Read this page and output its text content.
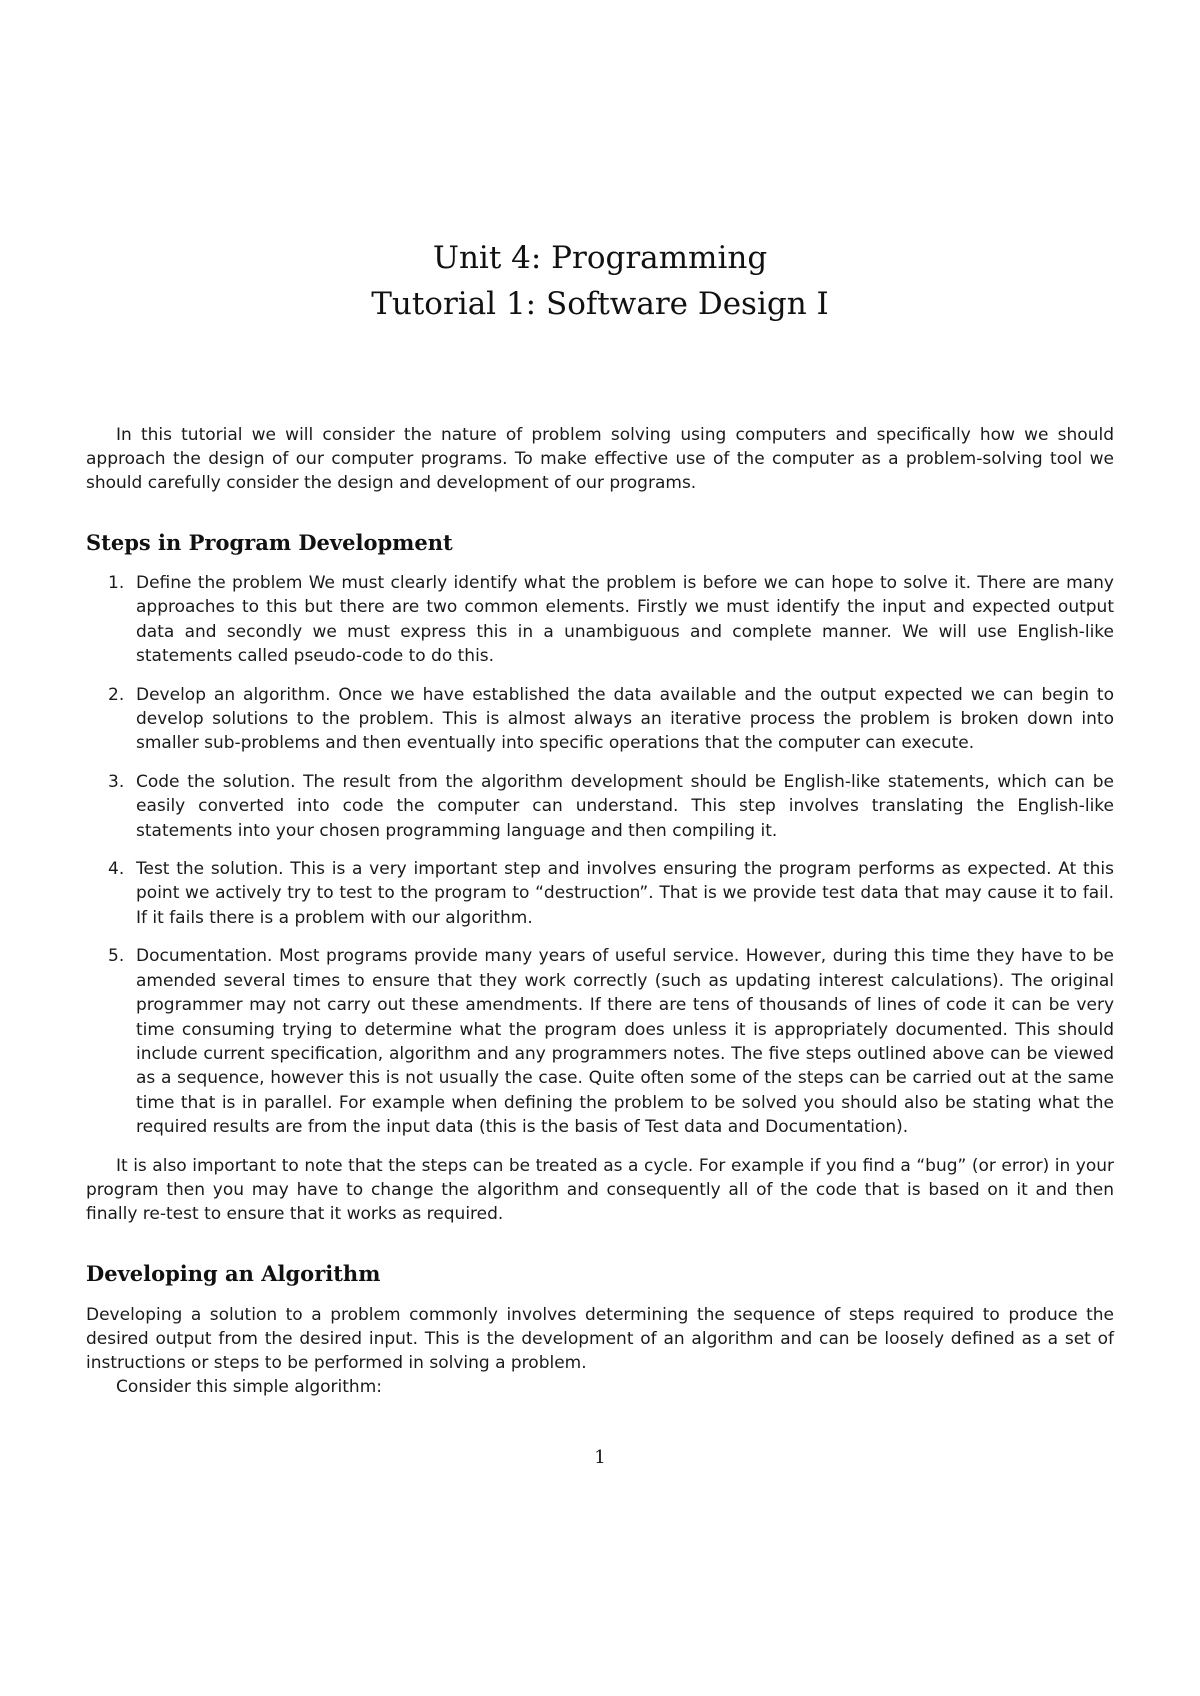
Unit 4: Programming
Tutorial 1: Software Design I

In this tutorial we will consider the nature of problem solving using computers and specifically how we should approach the design of our computer programs. To make effective use of the computer as a problem-solving tool we should carefully consider the design and development of our programs.

Steps in Program Development
1. Define the problem We must clearly identify what the problem is before we can hope to solve it. There are many approaches to this but there are two common elements. Firstly we must identify the input and expected output data and secondly we must express this in a unambiguous and complete manner. We will use English-like statements called pseudo-code to do this.
2. Develop an algorithm. Once we have established the data available and the output expected we can begin to develop solutions to the problem. This is almost always an iterative process the problem is broken down into smaller sub-problems and then eventually into specific operations that the computer can execute.
3. Code the solution. The result from the algorithm development should be English-like statements, which can be easily converted into code the computer can understand. This step involves translating the English-like statements into your chosen programming language and then compiling it.
4. Test the solution. This is a very important step and involves ensuring the program performs as expected. At this point we actively try to test to the program to “destruction”. That is we provide test data that may cause it to fail. If it fails there is a problem with our algorithm.
5. Documentation. Most programs provide many years of useful service. However, during this time they have to be amended several times to ensure that they work correctly (such as updating interest calculations). The original programmer may not carry out these amendments. If there are tens of thousands of lines of code it can be very time consuming trying to determine what the program does unless it is appropriately documented. This should include current specification, algorithm and any programmers notes. The five steps outlined above can be viewed as a sequence, however this is not usually the case. Quite often some of the steps can be carried out at the same time that is in parallel. For example when defining the problem to be solved you should also be stating what the required results are from the input data (this is the basis of Test data and Documentation).

It is also important to note that the steps can be treated as a cycle. For example if you find a “bug” (or error) in your program then you may have to change the algorithm and consequently all of the code that is based on it and then finally re-test to ensure that it works as required.

Developing an Algorithm

Developing a solution to a problem commonly involves determining the sequence of steps required to produce the desired output from the desired input. This is the development of an algorithm and can be loosely defined as a set of instructions or steps to be performed in solving a problem.

Consider this simple algorithm:

1
